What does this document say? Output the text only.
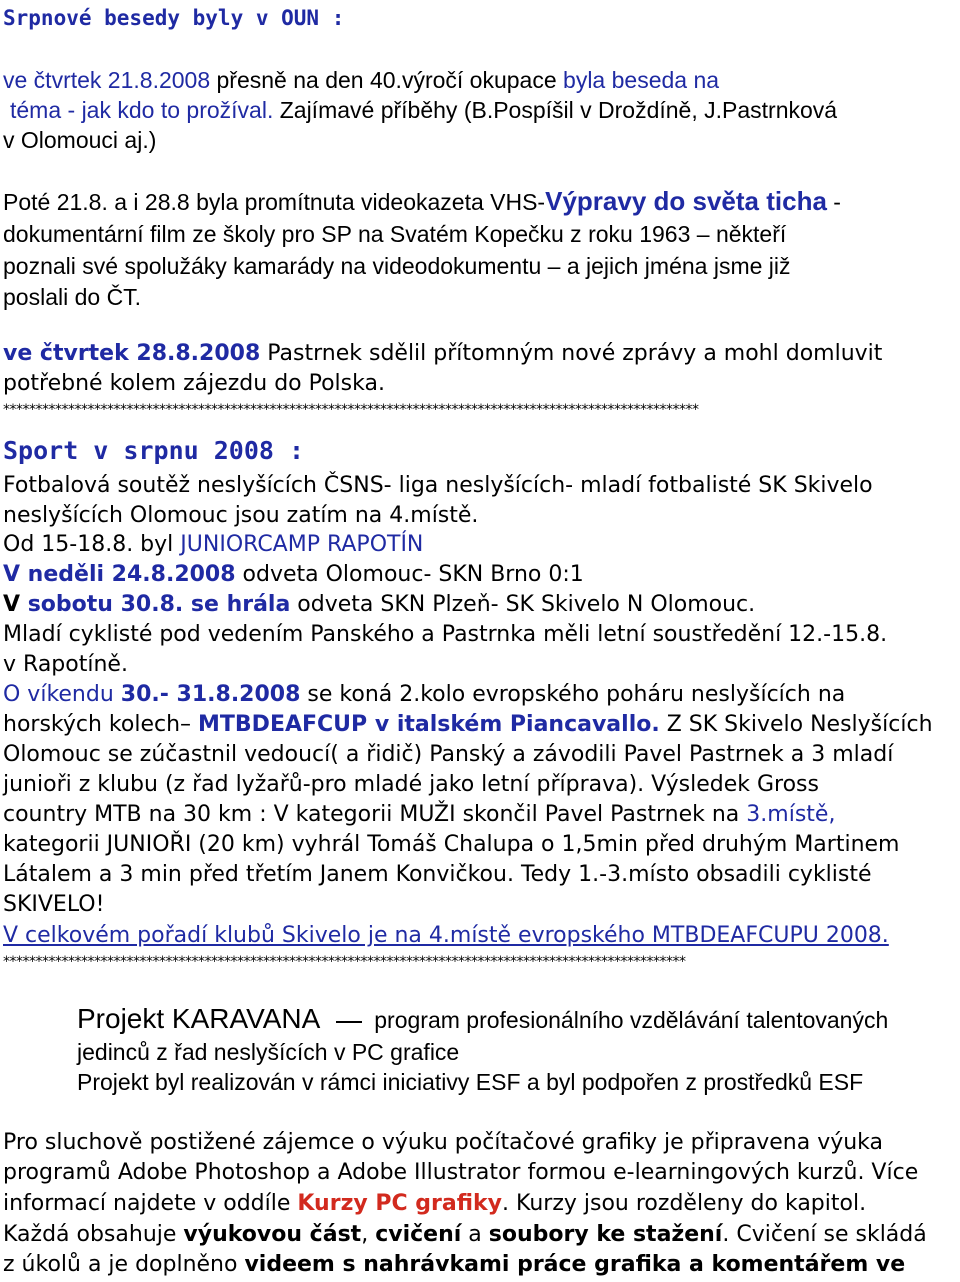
Srpnové besedy byly v OUN :
ve čtvrtek 21.8.2008 přesně na den 40.výročí okupace byla beseda na
téma - jak kdo to prožíval. Zajímavé příběhy (B.Pospíšil v Droždíně, J.Pastrnková
v Olomouci aj.)
Poté 21.8. a i 28.8 byla promítnuta videokazeta VHS-Výpravy do světa ticha -
dokumentární film ze školy pro SP na Svatém Kopečku z roku 1963 – někteří
poznali své spolužáky kamarády na videodokumentu – a jejich jména jsme již
poslali do ČT.
ve čtvrtek 28.8.2008 Pastrnek sdělil přítomným nové zprávy a mohl domluvit
potřebné kolem zájezdu do Polska.
***********************************************************************************************************
Sport v srpnu 2008 :
Fotbalová soutěž neslyšících ČSNS- liga neslyšících- mladí fotbalisté SK Skivelo
neslyšících Olomouc jsou zatím na 4.místě.
Od 15-18.8. byl JUNIORCAMP RAPOTÍN
V neděli 24.8.2008 odveta Olomouc- SKN Brno 0:1
V sobotu 30.8. se hrála odveta SKN Plzeň- SK Skivelo N Olomouc.
Mladí cyklisté pod vedením Panského a Pastrnka měli letní soustředění 12.-15.8.
v Rapotíně.
O víkendu 30.- 31.8.2008 se koná 2.kolo evropského poháru neslyšících na
horských kolech– MTBDEAFCUP v italském Piancavallo. Z SK Skivelo Neslyšících
Olomouc se zúčastnil vedoucí( a řidič) Panský a závodili Pavel Pastrnek a 3 mladí
junioři z klubu (z řad lyžařů-pro mladé jako letní příprava). Výsledek Gross
country MTB na 30 km : V kategorii MUŽI skončil Pavel Pastrnek na 3.místě,
kategorii JUNIOŘI (20 km) vyhrál Tomáš Chalupa o 1,5min před druhým Martinem
Látalem a 3 min před třetím Janem Konvičkou. Tedy 1.-3.místo obsadili cyklisté
SKIVELO!
V celkovém pořadí klubů Skivelo je na 4.místě evropského MTBDEAFCUPU 2008.
*********************************************************************************************************
Projekt KARAVANA program profesionálního vzdělávání talentovaných
jedinců z řad neslyšících v PC grafice
Projekt byl realizován v rámci iniciativy ESF a byl podpořen z prostředků ESF
Pro sluchově postižené zájemce o výuku počítačové grafiky je připravena výuka
programů Adobe Photoshop a Adobe Illustrator formou e-learningových kurzů. Více
informací najdete v oddíle Kurzy PC grafiky. Kurzy jsou rozděleny do kapitol.
Každá obsahuje výukovou část, cvičení a soubory ke stažení. Cvičení se skládá
z úkolů a je doplněno videem s nahrávkami práce grafika a komentářem ve
